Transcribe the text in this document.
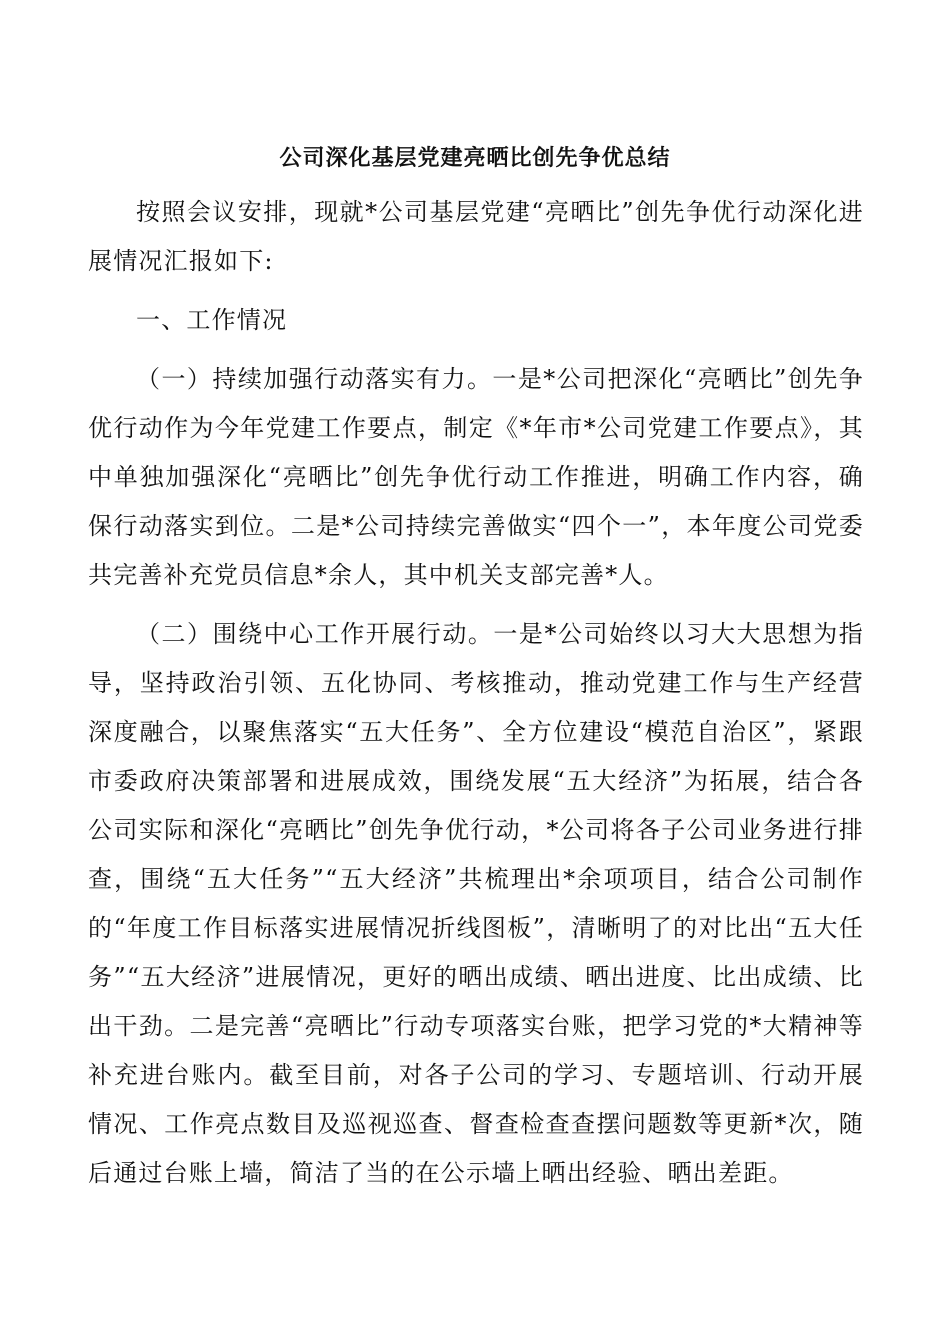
公司深化基层党建亮晒比创先争优总结

按照会议安排，现就*公司基层党建“亮晒比”创先争优行动深化进展情况汇报如下:

一、工作情况

（一）持续加强行动落实有力。一是*公司把深化“亮晒比”创先争优行动作为今年党建工作要点，制定《*年市*公司党建工作要点》，其中单独加强深化“亮晒比”创先争优行动工作推进，明确工作内容，确保行动落实到位。二是*公司持续完善做实“四个一”，本年度公司党委共完善补充党员信息*余人，其中机关支部完善*人。

（二）围绕中心工作开展行动。一是*公司始终以习大大思想为指导，坚持政治引领、五化协同、考核推动，推动党建工作与生产经营深度融合，以聚焦落实“五大任务”、全方位建设“模范自治区”，紧跟市委政府决策部署和进展成效，围绕发展“五大经济”为拓展，结合各公司实际和深化“亮晒比”创先争优行动，*公司将各子公司业务进行排查，围绕“五大任务”“五大经济”共梳理出*余项项目，结合公司制作的“年度工作目标落实进展情况折线图板”，清晰明了的对比出“五大任务”“五大经济”进展情况，更好的晒出成绩、晒出进度、比出成绩、比出干劲。二是完善“亮晒比”行动专项落实台账，把学习党的*大精神等补充进台账内。截至目前，对各子公司的学习、专题培训、行动开展情况、工作亮点数目及巡视巡查、督查检查查摆问题数等更新*次，随后通过台账上墙，简洁了当的在公示墙上晒出经验、晒出差距。
